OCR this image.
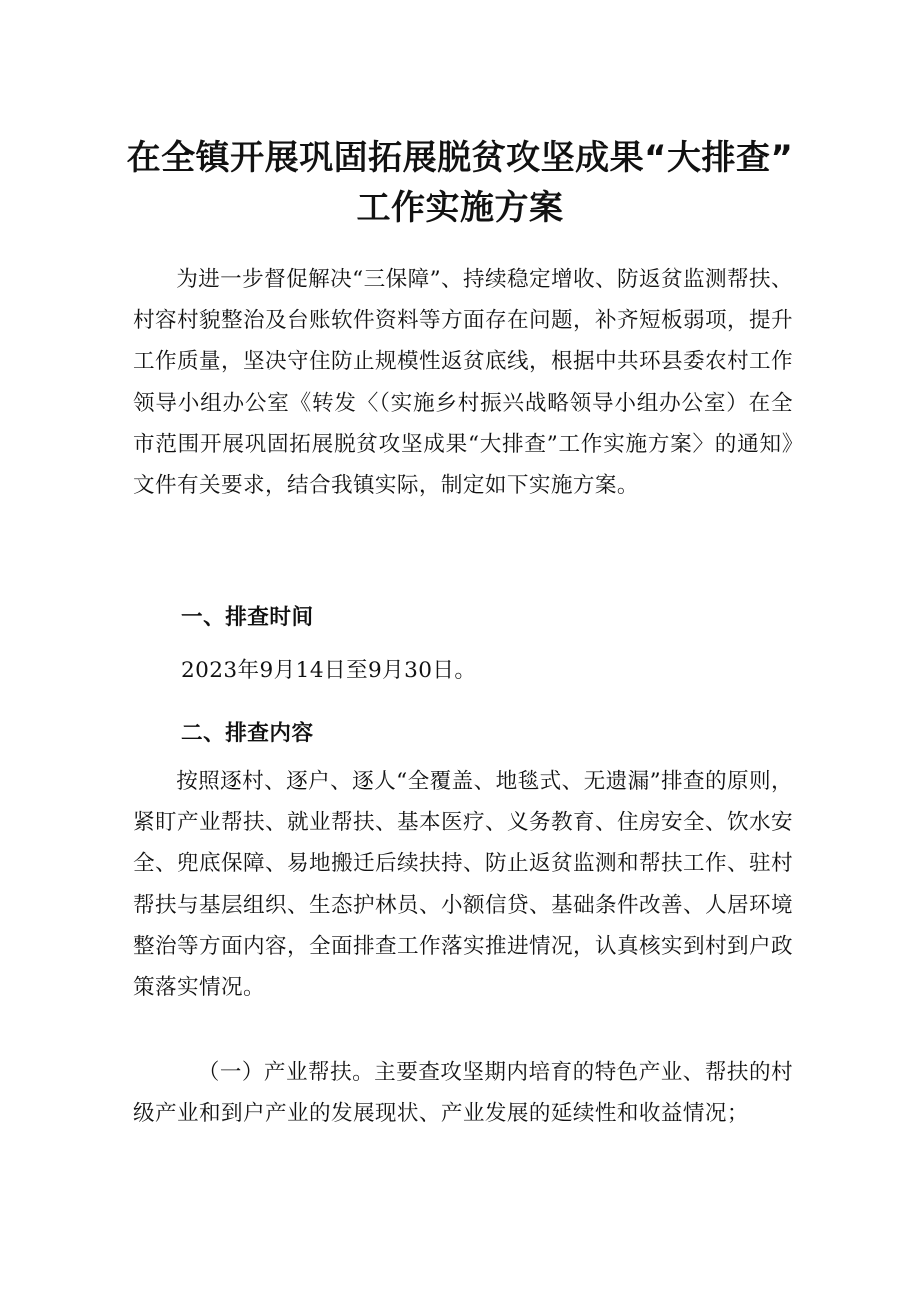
在全镇开展巩固拓展脱贫攻坚成果“大排查”
工作实施方案

为进一步督促解决“三保障”、持续稳定增收、防返贫监测帮扶、村容村貌整治及台账软件资料等方面存在问题，补齐短板弱项，提升工作质量，坚决守住防止规模性返贫底线，根据中共环县委农村工作领导小组办公室《转发〈（实施乡村振兴战略领导小组办公室）在全市范围开展巩固拓展脱贫攻坚成果“大排查”工作实施方案〉的通知》文件有关要求，结合我镇实际，制定如下实施方案。

一、排查时间
2023年9月14日至9月30日。
二、排查内容

按照逐村、逐户、逐人“全覆盖、地毯式、无遗漏”排查的原则，紧盯产业帮扶、就业帮扶、基本医疗、义务教育、住房安全、饮水安全、兜底保障、易地搬迁后续扶持、防止返贫监测和帮扶工作、驻村帮扶与基层组织、生态护林员、小额信贷、基础条件改善、人居环境整治等方面内容，全面排查工作落实推进情况，认真核实到村到户政策落实情况。

（一）产业帮扶。主要查攻坚期内培育的特色产业、帮扶的村级产业和到户产业的发展现状、产业发展的延续性和收益情况；
